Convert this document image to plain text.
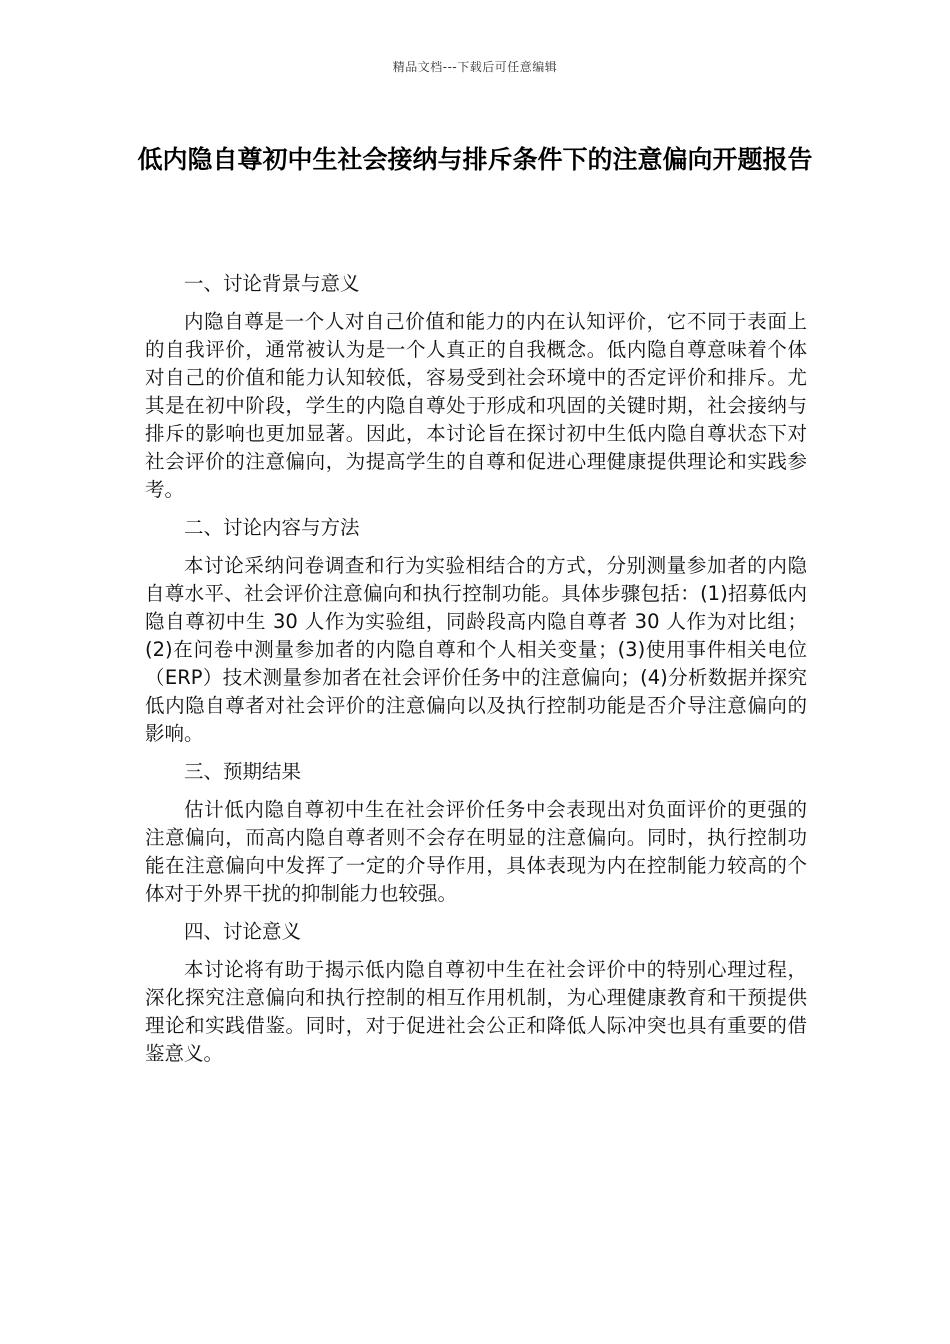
精品文档---下载后可任意编辑
低内隐自尊初中生社会接纳与排斥条件下的注意偏向开题报告

一、讨论背景与意义

内隐自尊是一个人对自己价值和能力的内在认知评价，它不同于表面上的自我评价，通常被认为是一个人真正的自我概念。低内隐自尊意味着个体对自己的价值和能力认知较低，容易受到社会环境中的否定评价和排斥。尤其是在初中阶段，学生的内隐自尊处于形成和巩固的关键时期，社会接纳与排斥的影响也更加显著。因此，本讨论旨在探讨初中生低内隐自尊状态下对社会评价的注意偏向，为提高学生的自尊和促进心理健康提供理论和实践参考。

二、讨论内容与方法

本讨论采纳问卷调查和行为实验相结合的方式，分别测量参加者的内隐自尊水平、社会评价注意偏向和执行控制功能。具体步骤包括：(1)招募低内隐自尊初中生 30 人作为实验组，同龄段高内隐自尊者 30 人作为对比组；(2)在问卷中测量参加者的内隐自尊和个人相关变量；(3)使用事件相关电位（ERP）技术测量参加者在社会评价任务中的注意偏向；(4)分析数据并探究低内隐自尊者对社会评价的注意偏向以及执行控制功能是否介导注意偏向的影响。

三、预期结果

估计低内隐自尊初中生在社会评价任务中会表现出对负面评价的更强的注意偏向，而高内隐自尊者则不会存在明显的注意偏向。同时，执行控制功能在注意偏向中发挥了一定的介导作用，具体表现为内在控制能力较高的个体对于外界干扰的抑制能力也较强。

四、讨论意义

本讨论将有助于揭示低内隐自尊初中生在社会评价中的特别心理过程，深化探究注意偏向和执行控制的相互作用机制，为心理健康教育和干预提供理论和实践借鉴。同时，对于促进社会公正和降低人际冲突也具有重要的借鉴意义。
